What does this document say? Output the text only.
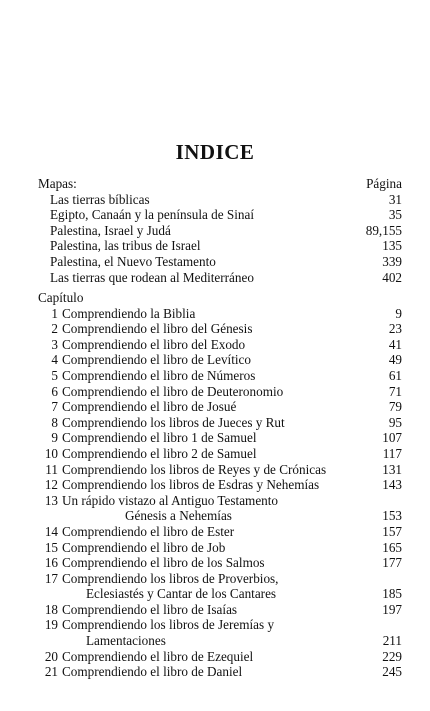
INDICE
Mapas:	Página
Las tierras bíblicas	31
Egipto, Canaán y la península de Sinaí	35
Palestina, Israel y Judá	89,155
Palestina, las tribus de Israel	135
Palestina, el Nuevo Testamento	339
Las tierras que rodean al Mediterráneo	402
Capítulo
1 Comprendiendo la Biblia	9
2 Comprendiendo el libro del Génesis	23
3 Comprendiendo el libro del Exodo	41
4 Comprendiendo el libro de Levítico	49
5 Comprendiendo el libro de Números	61
6 Comprendiendo el libro de Deuteronomio	71
7 Comprendiendo el libro de Josué	79
8 Comprendiendo los libros de Jueces y Rut	95
9 Comprendiendo el libro 1 de Samuel	107
10 Comprendiendo el libro 2 de Samuel	117
11 Comprendiendo los libros de Reyes y de Crónicas	131
12 Comprendiendo los libros de Esdras y Nehemías	143
13 Un rápido vistazo al Antiguo Testamento
Génesis a Nehemías	153
14 Comprendiendo el libro de Ester	157
15 Comprendiendo el libro de Job	165
16 Comprendiendo el libro de los Salmos	177
17 Comprendiendo los libros de Proverbios,
Eclesiastés y Cantar de los Cantares	185
18 Comprendiendo el libro de Isaías	197
19 Comprendiendo los libros de Jeremías y
Lamentaciones	211
20 Comprendiendo el libro de Ezequiel	229
21 Comprendiendo el libro de Daniel	245
